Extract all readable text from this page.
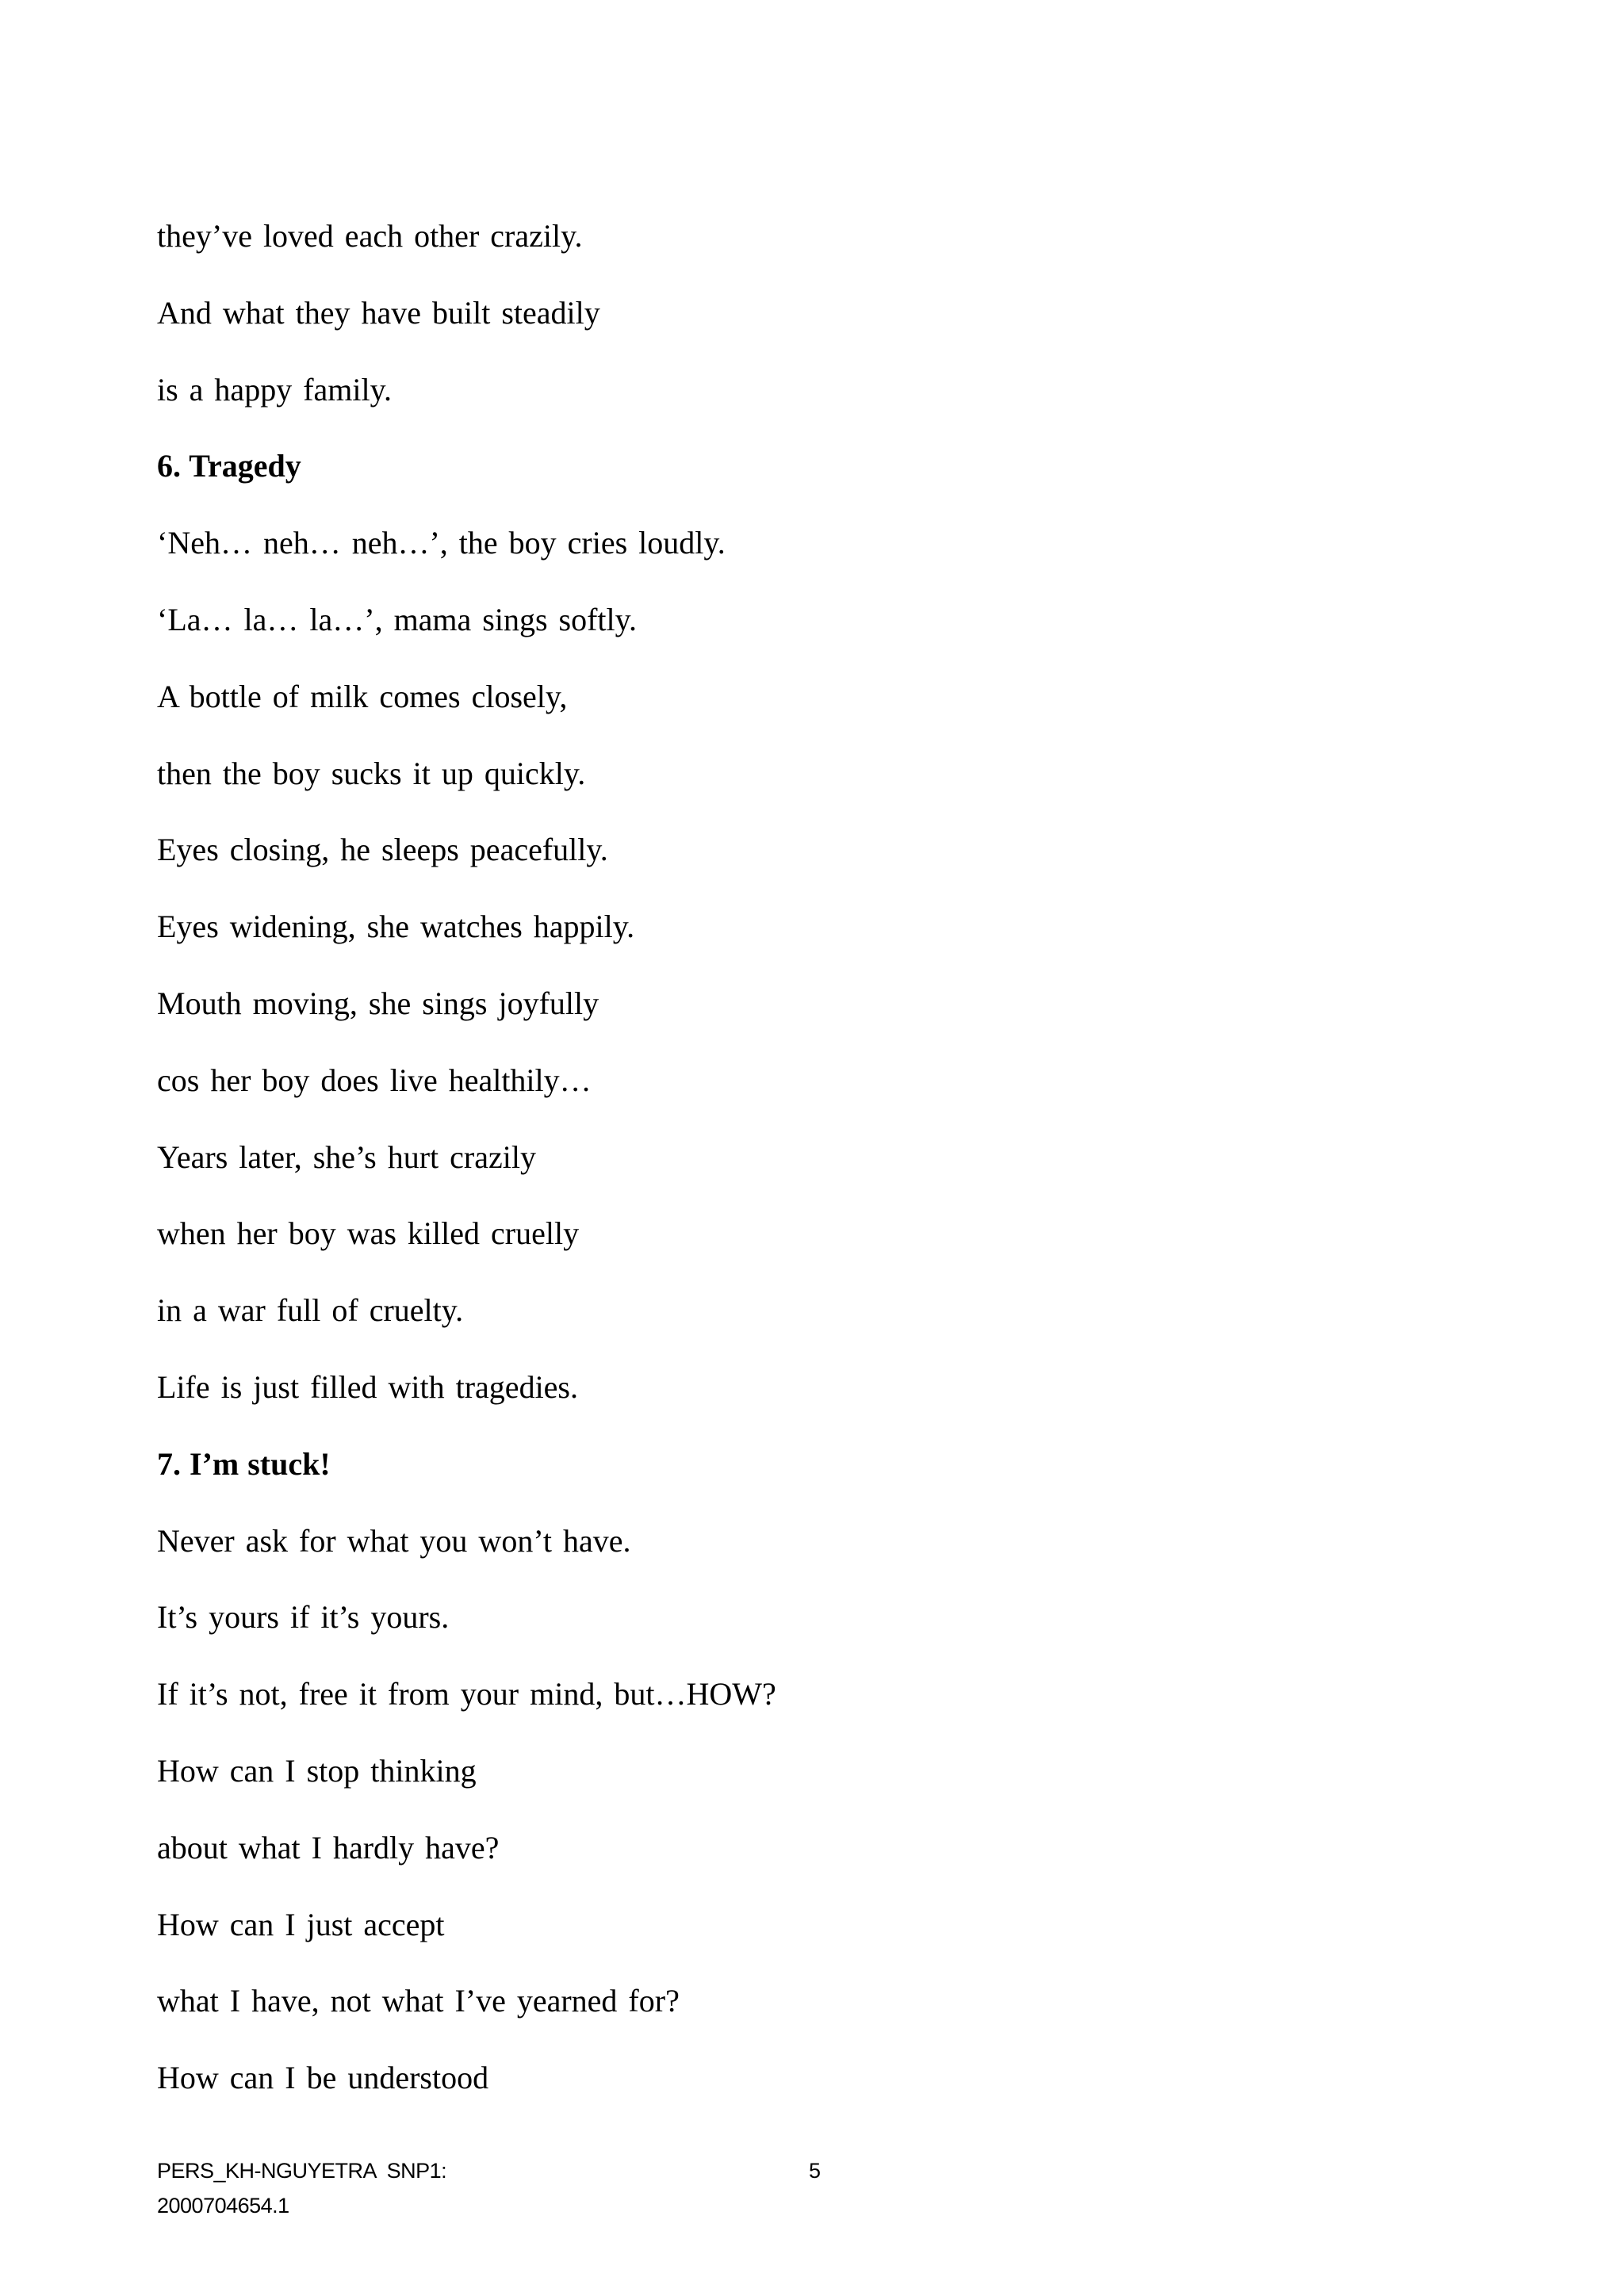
they’ve loved each other crazily.
And what they have built steadily
is a happy family.
6. Tragedy
‘Neh… neh… neh…’, the boy cries loudly.
‘La… la… la…’, mama sings softly.
A bottle of milk comes closely,
then the boy sucks it up quickly.
Eyes closing, he sleeps peacefully.
Eyes widening, she watches happily.
Mouth moving, she sings joyfully
cos her boy does live healthily…
Years later, she’s hurt crazily
when her boy was killed cruelly
in a war full of cruelty.
Life is just filled with tragedies.
7. I’m stuck!
Never ask for what you won’t have.
It’s yours if it’s yours.
If it’s not, free it from your mind, but…HOW?
How can I stop thinking
about what I hardly have?
How can I just accept
what I have, not what I’ve yearned for?
How can I be understood
PERS_KH-NGUYETRA  SNP1:
2000704654.1
5
